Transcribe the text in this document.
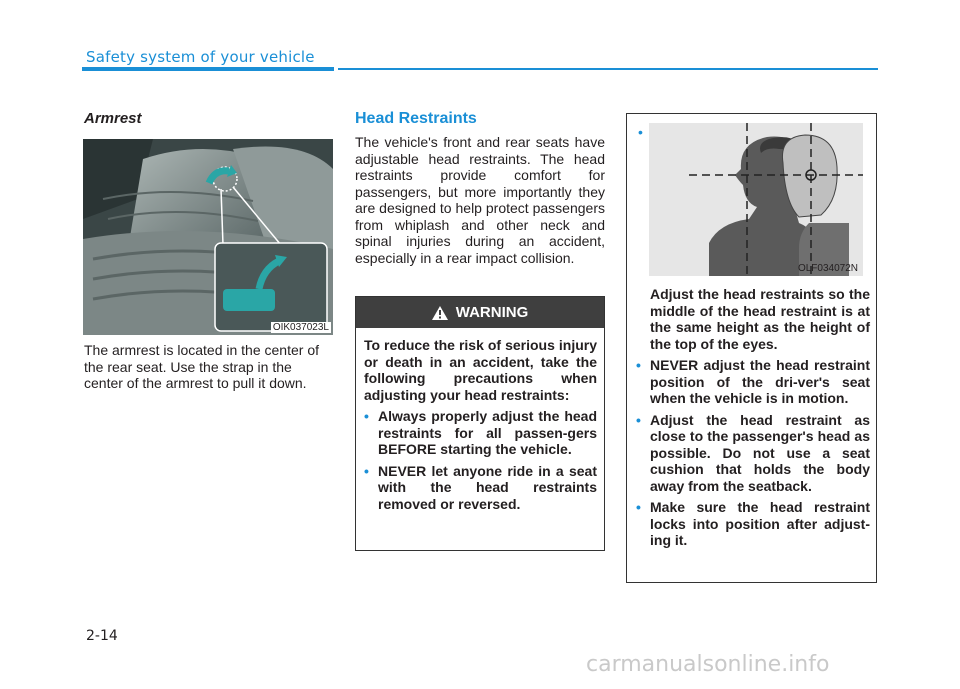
Safety system of your vehicle
Armrest
OIK037023L
The armrest is located in the center of the rear seat. Use the strap in the center of the armrest to pull it down.
Head Restraints
The vehicle's front and rear seats have adjustable head restraints. The head restraints provide comfort for passengers, but more importantly they are designed to help protect passengers from whiplash and other neck and spinal injuries during an accident, especially in a rear impact collision.
WARNING
To reduce the risk of serious injury or death in an accident, take the following precautions when adjusting your head restraints:
• Always properly adjust the head restraints for all passen-gers BEFORE starting the vehicle.
• NEVER let anyone ride in a seat with the head restraints removed or reversed.
•
OLF034072N
Adjust the head restraints so the middle of the head restraint is at the same height as the height of the top of the eyes.
• NEVER adjust the head restraint position of the dri-ver's seat when the vehicle is in motion.
• Adjust the head restraint as close to the passenger's head as possible. Do not use a seat cushion that holds the body away from the seatback.
• Make sure the head restraint locks into position after adjust-ing it.
2-14
carmanualsonline.info
